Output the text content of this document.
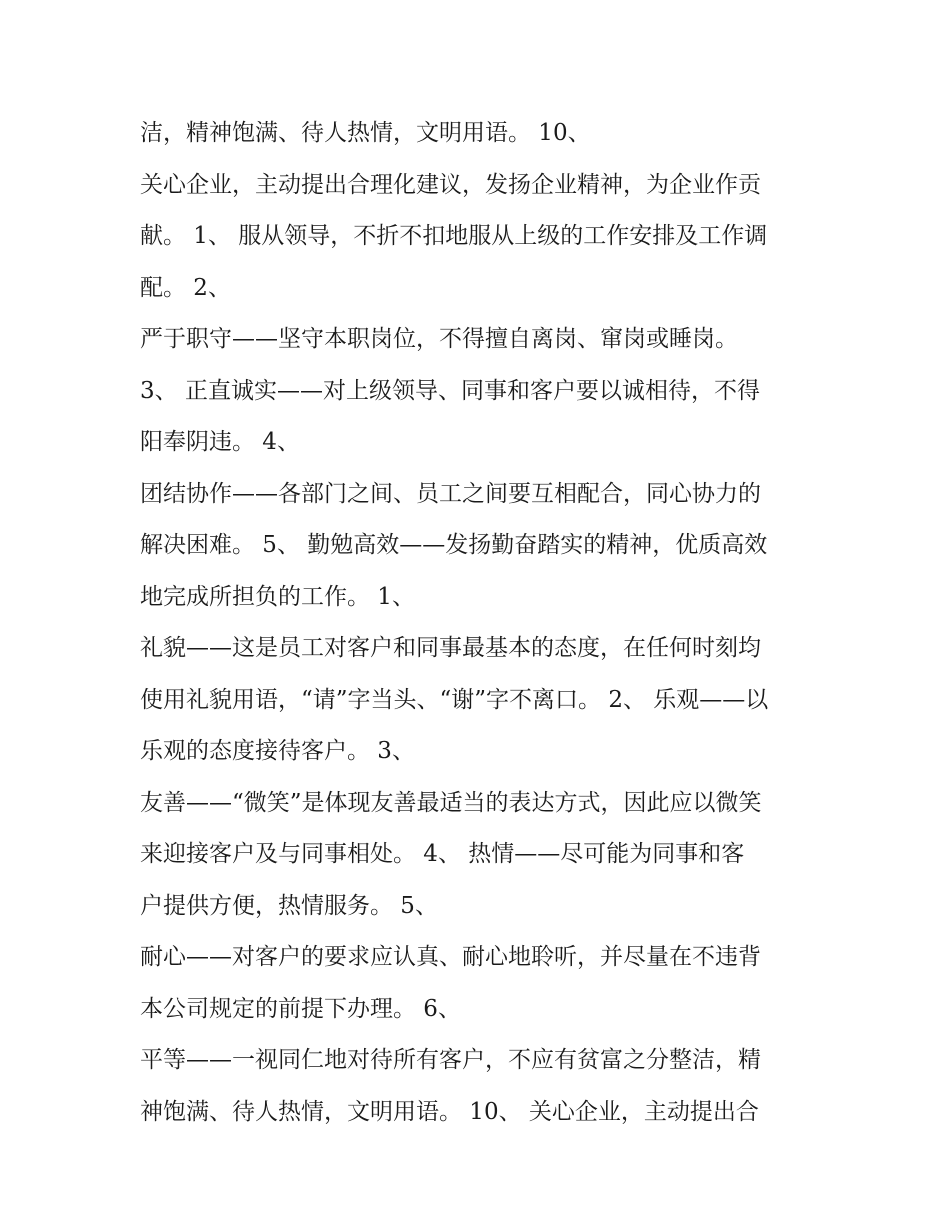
洁，精神饱满、待人热情，文明用语。 10、
关心企业，主动提出合理化建议，发扬企业精神，为企业作贡
献。 1、 服从领导，不折不扣地服从上级的工作安排及工作调
配。 2、
严于职守——坚守本职岗位，不得擅自离岗、窜岗或睡岗。
3、 正直诚实——对上级领导、同事和客户要以诚相待，不得
阳奉阴违。 4、
团结协作——各部门之间、员工之间要互相配合，同心协力的
解决困难。 5、 勤勉高效——发扬勤奋踏实的精神，优质高效
地完成所担负的工作。 1、
礼貌——这是员工对客户和同事最基本的态度，在任何时刻均
使用礼貌用语，“请”字当头、“谢”字不离口。 2、 乐观——以
乐观的态度接待客户。 3、
友善——“微笑”是体现友善最适当的表达方式，因此应以微笑
来迎接客户及与同事相处。 4、 热情——尽可能为同事和客
户提供方便，热情服务。 5、
耐心——对客户的要求应认真、耐心地聆听，并尽量在不违背
本公司规定的前提下办理。 6、
平等——一视同仁地对待所有客户，不应有贫富之分整洁，精
神饱满、待人热情，文明用语。 10、 关心企业，主动提出合
